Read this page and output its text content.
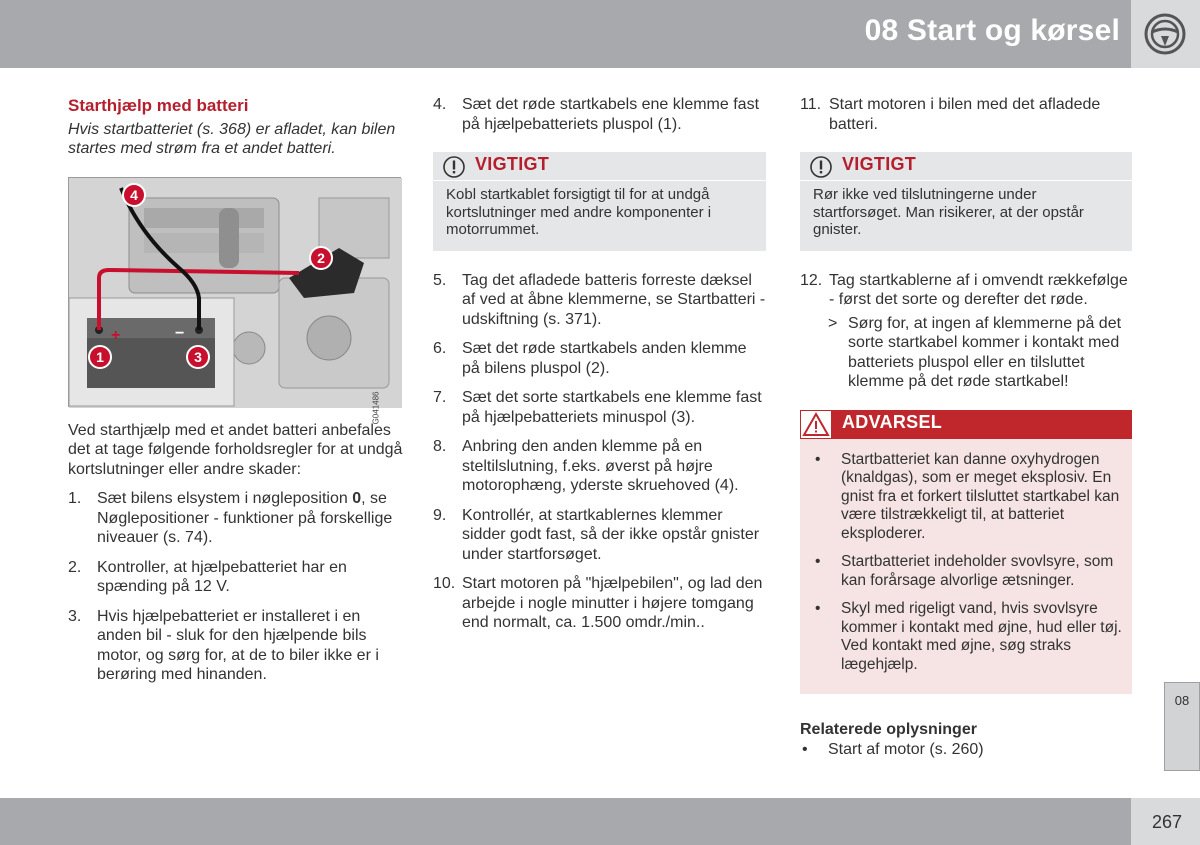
08 Start og kørsel
Starthjælp med batteri

Hvis startbatteriet (s. 368) er afladet, kan bilen startes med strøm fra et andet batteri.

+	−
4
2
1	3
G041486

Ved starthjælp med et andet batteri anbefales det at tage følgende forholdsregler for at undgå kortslutninger eller andre skader:

1. Sæt bilens elsystem i nøgleposition 0, se Nøglepositioner - funktioner på forskellige niveauer (s. 74).
2. Kontroller, at hjælpebatteriet har en spænding på 12 V.
3. Hvis hjælpebatteriet er installeret i en anden bil - sluk for den hjælpende bils motor, og sørg for, at de to biler ikke er i berøring med hinanden.
4. Sæt det røde startkabels ene klemme fast på hjælpebatteriets pluspol (1).
VIGTIGT
Kobl startkablet forsigtigt til for at undgå kortslutninger med andre komponenter i motorrummet.
5. Tag det afladede batteris forreste dæksel af ved at åbne klemmerne, se Startbatteri - udskiftning (s. 371).
6. Sæt det røde startkabels anden klemme på bilens pluspol (2).
7. Sæt det sorte startkabels ene klemme fast på hjælpebatteriets minuspol (3).
8. Anbring den anden klemme på en steltilslutning, f.eks. øverst på højre motorophæng, yderste skruehoved (4).
9. Kontrollér, at startkablernes klemmer sidder godt fast, så der ikke opstår gnister under startforsøget.
10. Start motoren på "hjælpebilen", og lad den arbejde i nogle minutter i højere tomgang end normalt, ca. 1.500 omdr./min..
11. Start motoren i bilen med det afladede batteri.
VIGTIGT
Rør ikke ved tilslutningerne under startforsøget. Man risikerer, at der opstår gnister.
12. Tag startkablerne af i omvendt rækkefølge - først det sorte og derefter det røde.
> Sørg for, at ingen af klemmerne på det sorte startkabel kommer i kontakt med batteriets pluspol eller en tilsluttet klemme på det røde startkabel!
ADVARSEL
• Startbatteriet kan danne oxyhydrogen (knaldgas), som er meget eksplosiv. En gnist fra et forkert tilsluttet startkabel kan være tilstrækkeligt til, at batteriet eksploderer.
• Startbatteriet indeholder svovlsyre, som kan forårsage alvorlige ætsninger.
• Skyl med rigeligt vand, hvis svovlsyre kommer i kontakt med øjne, hud eller tøj. Ved kontakt med øjne, søg straks lægehjælp.
Relaterede oplysninger
• Start af motor (s. 260)
08
267
